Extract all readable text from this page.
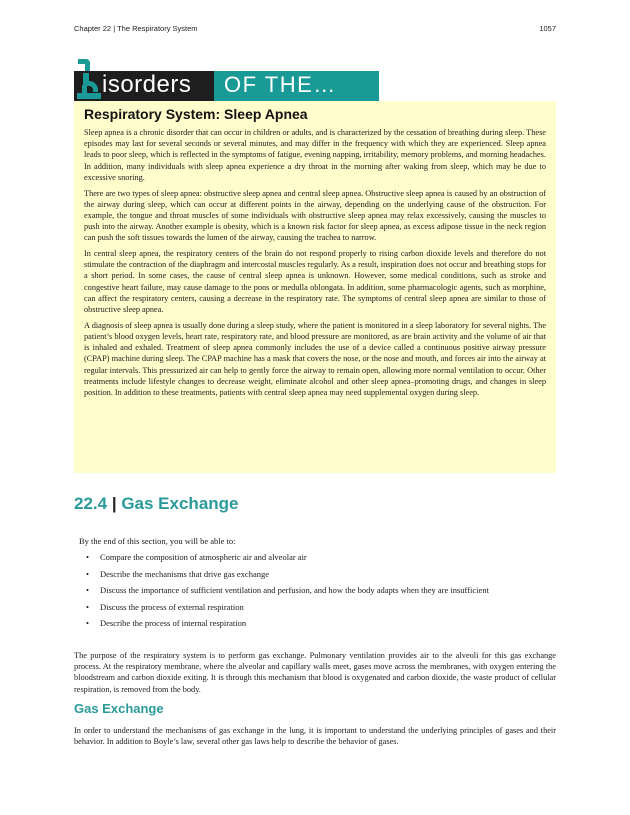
Chapter 22 | The Respiratory System	1057
isorders OF THE…
Respiratory System: Sleep Apnea

Sleep apnea is a chronic disorder that can occur in children or adults, and is characterized by the cessation of breathing during sleep. These episodes may last for several seconds or several minutes, and may differ in the frequency with which they are experienced. Sleep apnea leads to poor sleep, which is reflected in the symptoms of fatigue, evening napping, irritability, memory problems, and morning headaches. In addition, many individuals with sleep apnea experience a dry throat in the morning after waking from sleep, which may be due to excessive snoring.

There are two types of sleep apnea: obstructive sleep apnea and central sleep apnea. Obstructive sleep apnea is caused by an obstruction of the airway during sleep, which can occur at different points in the airway, depending on the underlying cause of the obstruction. For example, the tongue and throat muscles of some individuals with obstructive sleep apnea may relax excessively, causing the muscles to push into the airway. Another example is obesity, which is a known risk factor for sleep apnea, as excess adipose tissue in the neck region can push the soft tissues towards the lumen of the airway, causing the trachea to narrow.

In central sleep apnea, the respiratory centers of the brain do not respond properly to rising carbon dioxide levels and therefore do not stimulate the contraction of the diaphragm and intercostal muscles regularly. As a result, inspiration does not occur and breathing stops for a short period. In some cases, the cause of central sleep apnea is unknown. However, some medical conditions, such as stroke and congestive heart failure, may cause damage to the pons or medulla oblongata. In addition, some pharmacologic agents, such as morphine, can affect the respiratory centers, causing a decrease in the respiratory rate. The symptoms of central sleep apnea are similar to those of obstructive sleep apnea.

A diagnosis of sleep apnea is usually done during a sleep study, where the patient is monitored in a sleep laboratory for several nights. The patient’s blood oxygen levels, heart rate, respiratory rate, and blood pressure are monitored, as are brain activity and the volume of air that is inhaled and exhaled. Treatment of sleep apnea commonly includes the use of a device called a continuous positive airway pressure (CPAP) machine during sleep. The CPAP machine has a mask that covers the nose, or the nose and mouth, and forces air into the airway at regular intervals. This pressurized air can help to gently force the airway to remain open, allowing more normal ventilation to occur. Other treatments include lifestyle changes to decrease weight, eliminate alcohol and other sleep apnea–promoting drugs, and changes in sleep position. In addition to these treatments, patients with central sleep apnea may need supplemental oxygen during sleep.

22.4 | Gas Exchange
By the end of this section, you will be able to:
• Compare the composition of atmospheric air and alveolar air
• Describe the mechanisms that drive gas exchange
• Discuss the importance of sufficient ventilation and perfusion, and how the body adapts when they are insufficient
• Discuss the process of external respiration
• Describe the process of internal respiration

The purpose of the respiratory system is to perform gas exchange. Pulmonary ventilation provides air to the alveoli for this gas exchange process. At the respiratory membrane, where the alveolar and capillary walls meet, gases move across the membranes, with oxygen entering the bloodstream and carbon dioxide exiting. It is through this mechanism that blood is oxygenated and carbon dioxide, the waste product of cellular respiration, is removed from the body.

Gas Exchange

In order to understand the mechanisms of gas exchange in the lung, it is important to understand the underlying principles of gases and their behavior. In addition to Boyle’s law, several other gas laws help to describe the behavior of gases.
